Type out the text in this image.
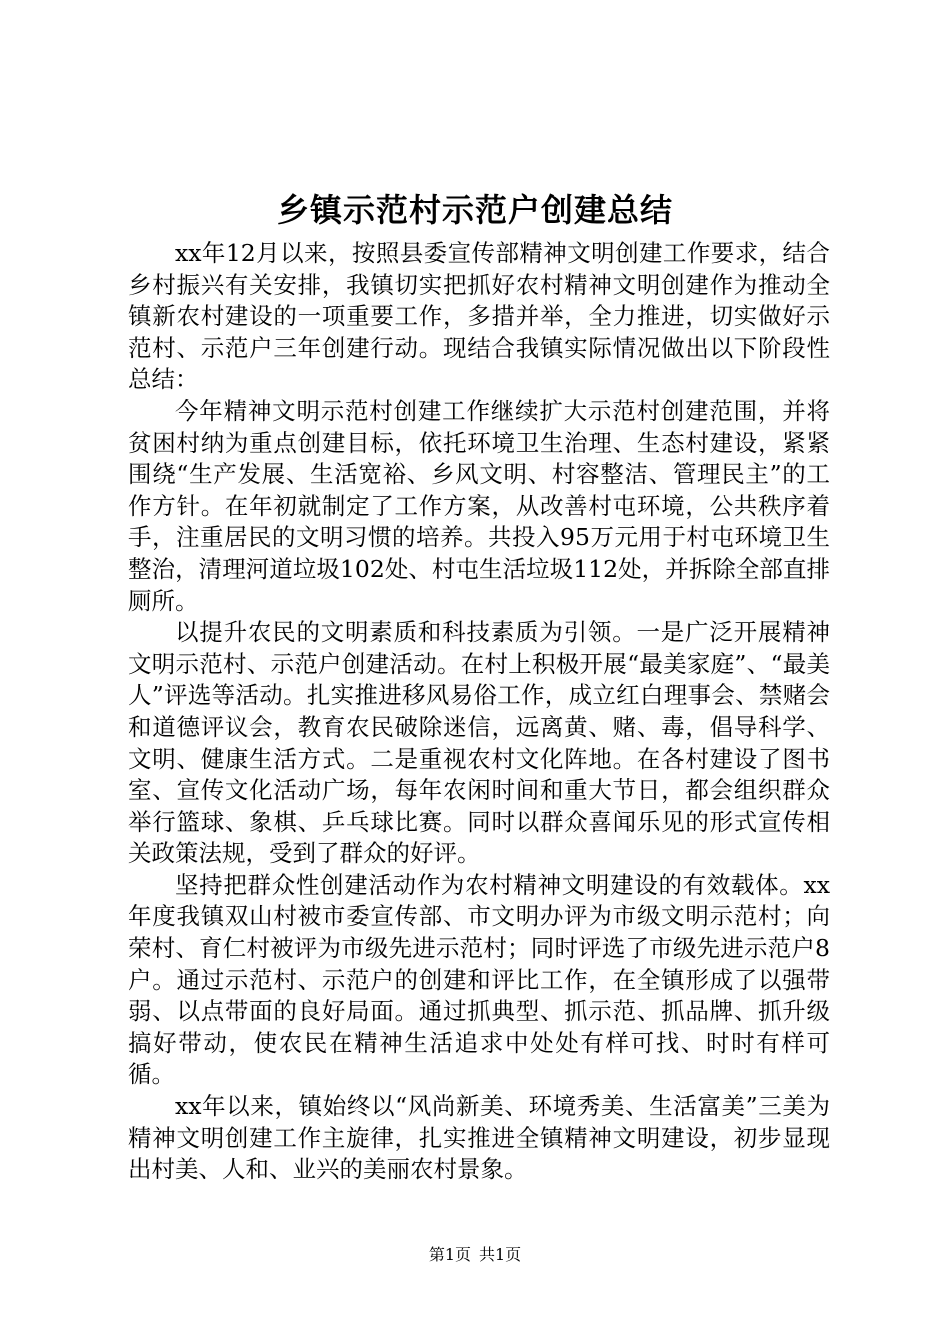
乡镇示范村示范户创建总结

xx年12月以来，按照县委宣传部精神文明创建工作要求，结合乡村振兴有关安排，我镇切实把抓好农村精神文明创建作为推动全镇新农村建设的一项重要工作，多措并举，全力推进，切实做好示范村、示范户三年创建行动。现结合我镇实际情况做出以下阶段性总结：

今年精神文明示范村创建工作继续扩大示范村创建范围，并将贫困村纳为重点创建目标，依托环境卫生治理、生态村建设，紧紧围绕“生产发展、生活宽裕、乡风文明、村容整洁、管理民主”的工作方针。在年初就制定了工作方案，从改善村屯环境，公共秩序着手，注重居民的文明习惯的培养。共投入95万元用于村屯环境卫生整治，清理河道垃圾102处、村屯生活垃圾112处，并拆除全部直排厕所。

以提升农民的文明素质和科技素质为引领。一是广泛开展精神文明示范村、示范户创建活动。在村上积极开展“最美家庭”、“最美人”评选等活动。扎实推进移风易俗工作，成立红白理事会、禁赌会和道德评议会，教育农民破除迷信，远离黄、赌、毒，倡导科学、文明、健康生活方式。二是重视农村文化阵地。在各村建设了图书室、宣传文化活动广场，每年农闲时间和重大节日，都会组织群众举行篮球、象棋、乒乓球比赛。同时以群众喜闻乐见的形式宣传相关政策法规，受到了群众的好评。

坚持把群众性创建活动作为农村精神文明建设的有效载体。xx年度我镇双山村被市委宣传部、市文明办评为市级文明示范村；向荣村、育仁村被评为市级先进示范村；同时评选了市级先进示范户8户。通过示范村、示范户的创建和评比工作，在全镇形成了以强带弱、以点带面的良好局面。通过抓典型、抓示范、抓品牌、抓升级搞好带动，使农民在精神生活追求中处处有样可找、时时有样可循。

xx年以来，镇始终以“风尚新美、环境秀美、生活富美”三美为精神文明创建工作主旋律，扎实推进全镇精神文明建设，初步显现出村美、人和、业兴的美丽农村景象。

第1页 共1页
